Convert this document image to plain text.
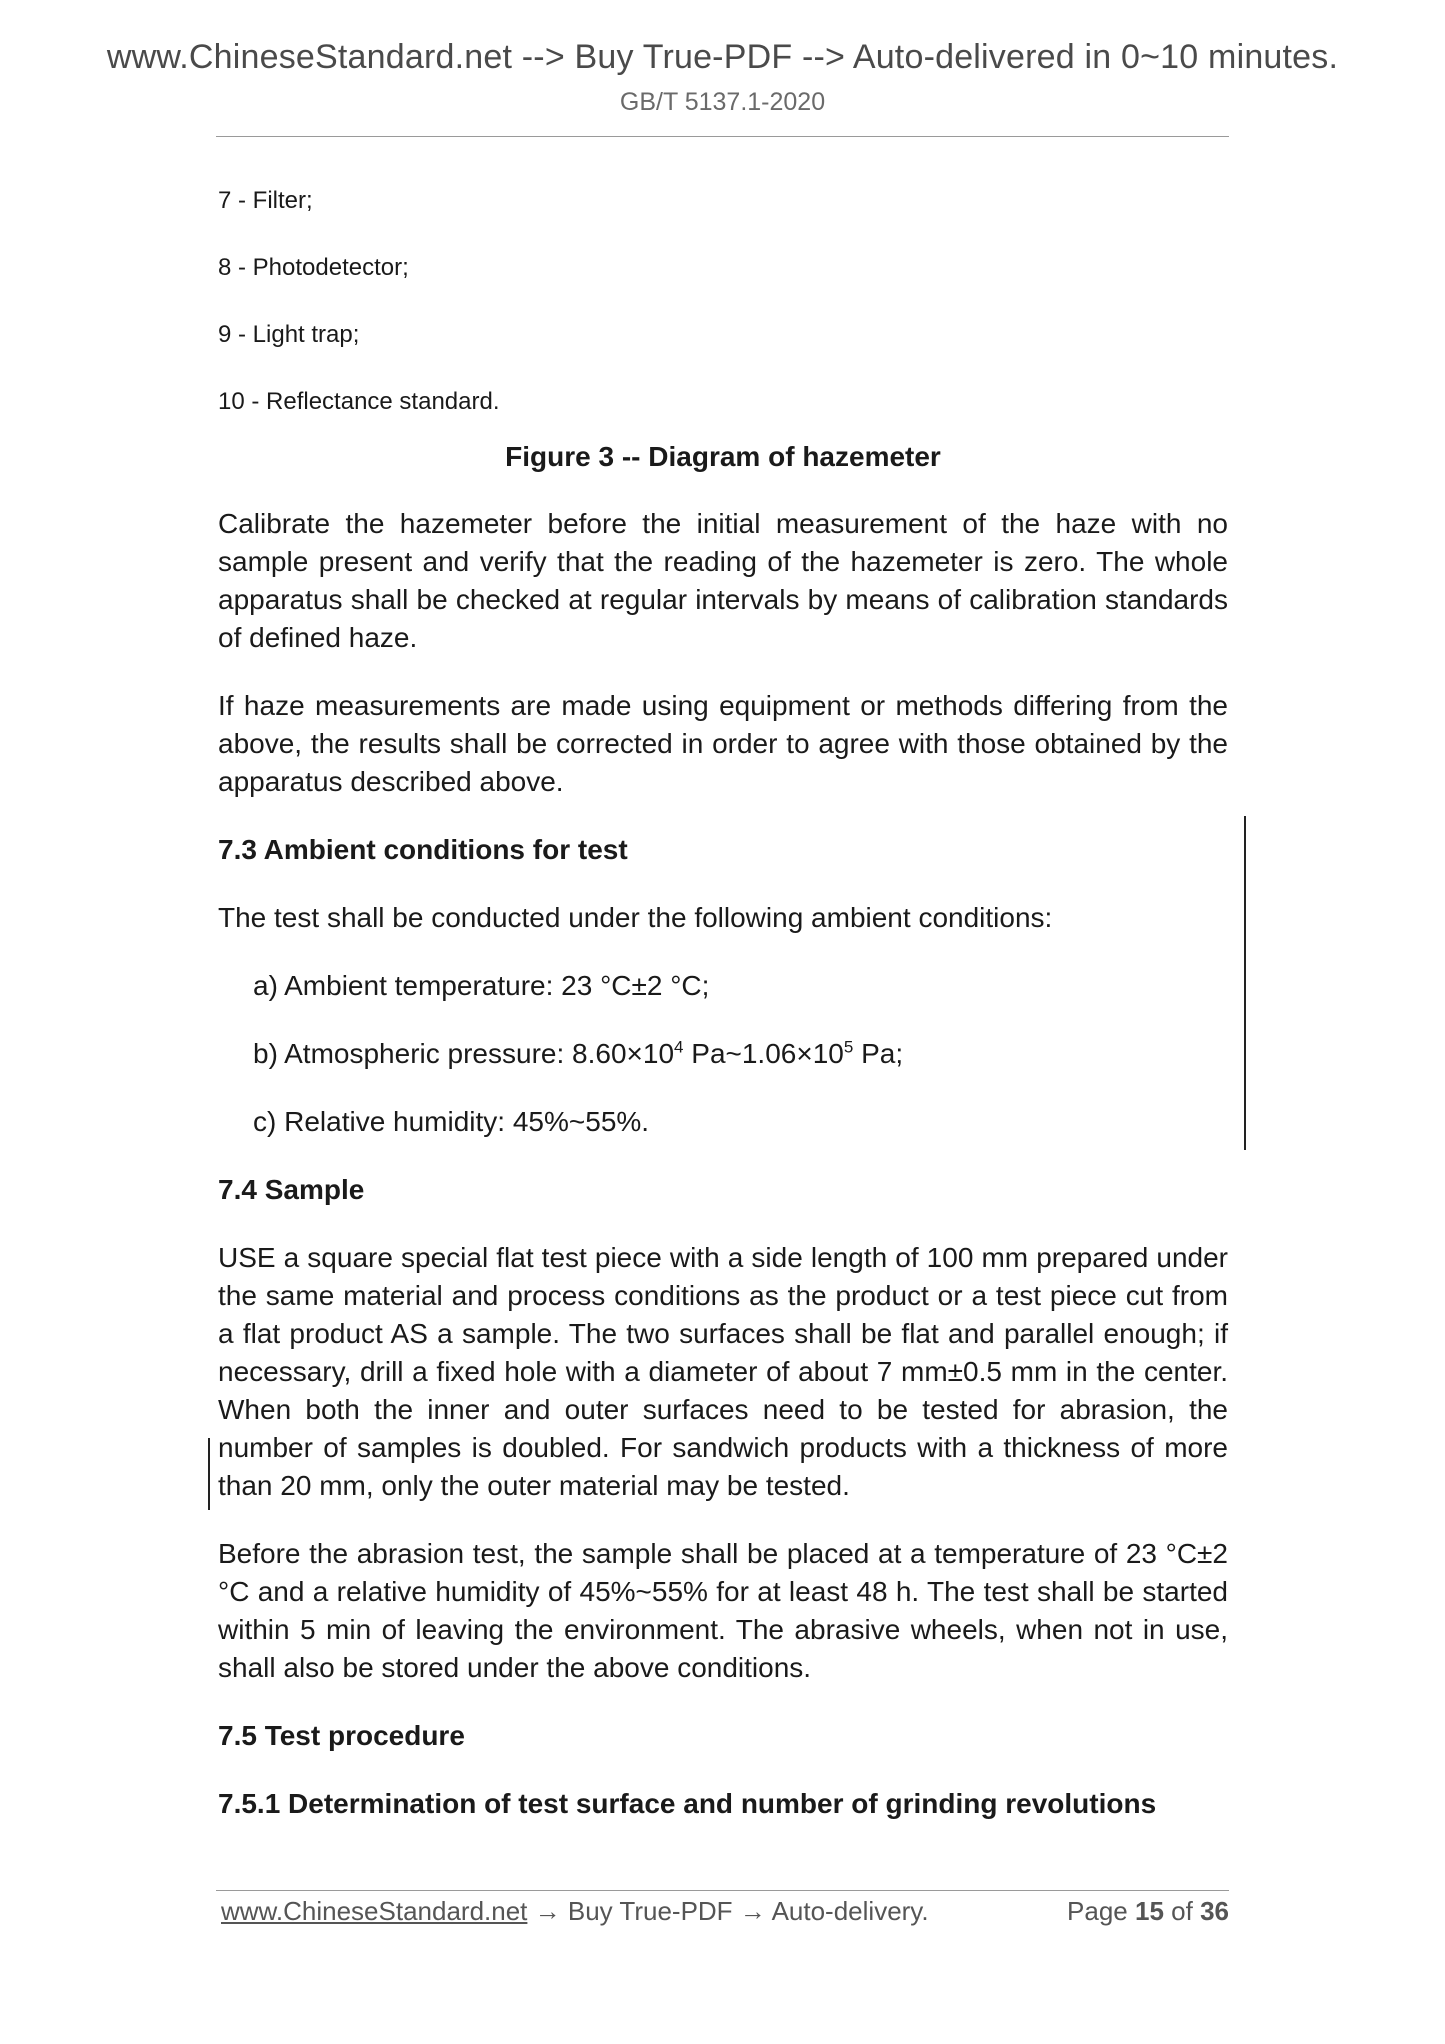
www.ChineseStandard.net --> Buy True-PDF --> Auto-delivered in 0~10 minutes.
GB/T 5137.1-2020
7 - Filter;
8 - Photodetector;
9 - Light trap;
10 - Reflectance standard.
Figure 3 -- Diagram of hazemeter

Calibrate the hazemeter before the initial measurement of the haze with no sample present and verify that the reading of the hazemeter is zero. The whole apparatus shall be checked at regular intervals by means of calibration standards of defined haze.

If haze measurements are made using equipment or methods differing from the above, the results shall be corrected in order to agree with those obtained by the apparatus described above.

7.3 Ambient conditions for test

The test shall be conducted under the following ambient conditions:

a) Ambient temperature: 23 °C±2 °C;

b) Atmospheric pressure: $8.60\times 10^4$ $Pa\sim 1.06\times 10^5$ Pa;

c) Relative humidity: 45%~55%.

7.4 Sample

USE a square special flat test piece with a side length of 100 mm prepared under the same material and process conditions as the product or a test piece cut from a flat product AS a sample. The two surfaces shall be flat and parallel enough; if necessary, drill a fixed hole with a diameter of about 7 mm±0.5 mm in the center. When both the inner and outer surfaces need to be tested for abrasion, the number of samples is doubled. For sandwich products with a thickness of more than 20 mm, only the outer material may be tested.

Before the abrasion test, the sample shall be placed at a temperature of 23 °C±2 °C and a relative humidity of 45%~55% for at least 48 h. The test shall be started within 5 min of leaving the environment. The abrasive wheels, when not in use, shall also be stored under the above conditions.

7.5 Test procedure
7.5.1 Determination of test surface and number of grinding revolutions
www.ChineseStandard.net → Buy True-PDF → Auto-delivery.	Page 15 of 36
